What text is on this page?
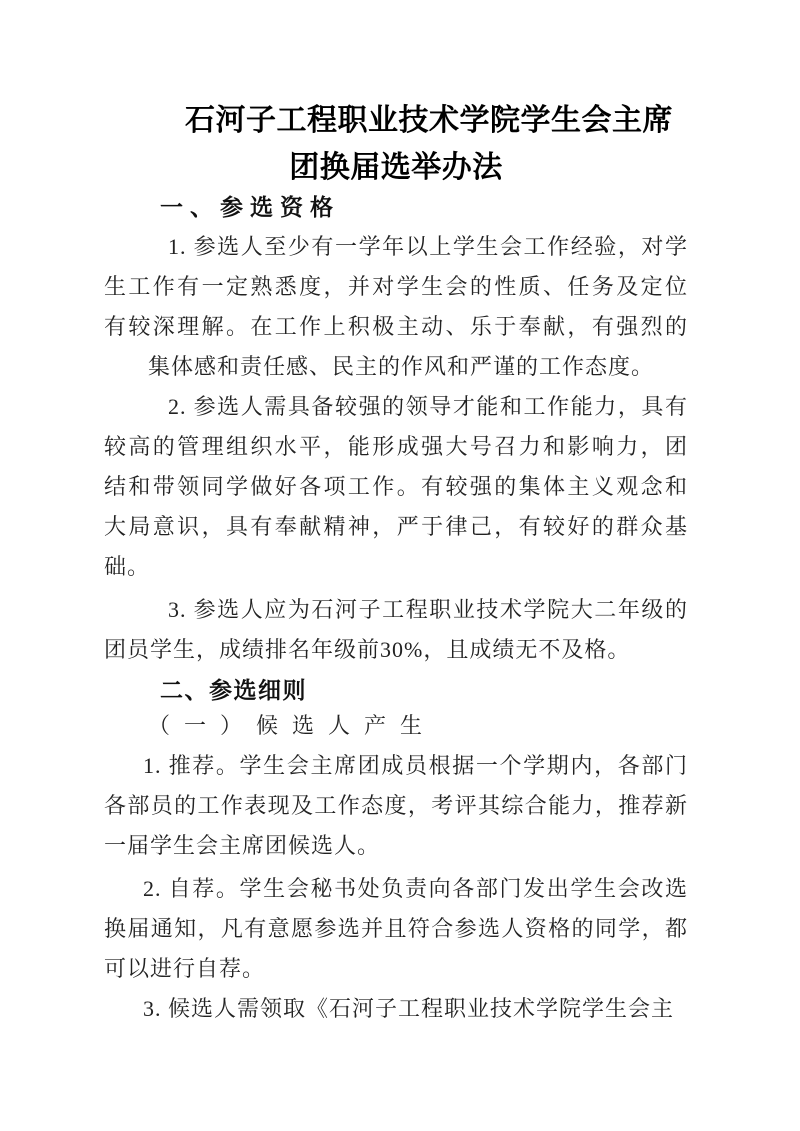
石河子工程职业技术学院学生会主席
团换届选举办法
一、参选资格
1. 参选人至少有一学年以上学生会工作经验，对学
生工作有一定熟悉度，并对学生会的性质、任务及定位
有较深理解。在工作上积极主动、乐于奉献，有强烈的
集体感和责任感、民主的作风和严谨的工作态度。
2. 参选人需具备较强的领导才能和工作能力，具有
较高的管理组织水平，能形成强大号召力和影响力，团
结和带领同学做好各项工作。有较强的集体主义观念和
大局意识，具有奉献精神，严于律己，有较好的群众基
础。
3. 参选人应为石河子工程职业技术学院大二年级的
团员学生，成绩排名年级前30%，且成绩无不及格。
二、参选细则
（一）候选人产生
1. 推荐。学生会主席团成员根据一个学期内，各部门
各部员的工作表现及工作态度，考评其综合能力，推荐新
一届学生会主席团候选人。
2. 自荐。学生会秘书处负责向各部门发出学生会改选
换届通知，凡有意愿参选并且符合参选人资格的同学，都
可以进行自荐。
3. 候选人需领取《石河子工程职业技术学院学生会主
